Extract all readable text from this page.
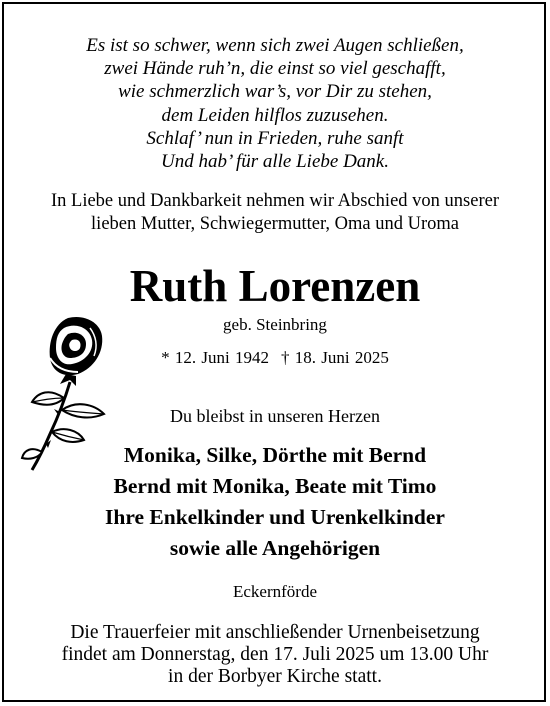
Es ist so schwer, wenn sich zwei Augen schließen,
zwei Hände ruh’n, die einst so viel geschafft,
wie schmerzlich war’s, vor Dir zu stehen,
dem Leiden hilflos zuzusehen.
Schlaf’ nun in Frieden, ruhe sanft
Und hab’ für alle Liebe Dank.
In Liebe und Dankbarkeit nehmen wir Abschied von unserer
lieben Mutter, Schwiegermutter, Oma und Uroma
Ruth Lorenzen
geb. Steinbring
* 12. Juni 1942 † 18. Juni 2025
Du bleibst in unseren Herzen
Monika, Silke, Dörthe mit Bernd
Bernd mit Monika, Beate mit Timo
Ihre Enkelkinder und Urenkelkinder
sowie alle Angehörigen
Eckernförde
Die Trauerfeier mit anschließender Urnenbeisetzung
findet am Donnerstag, den 17. Juli 2025 um 13.00 Uhr
in der Borbyer Kirche statt.
